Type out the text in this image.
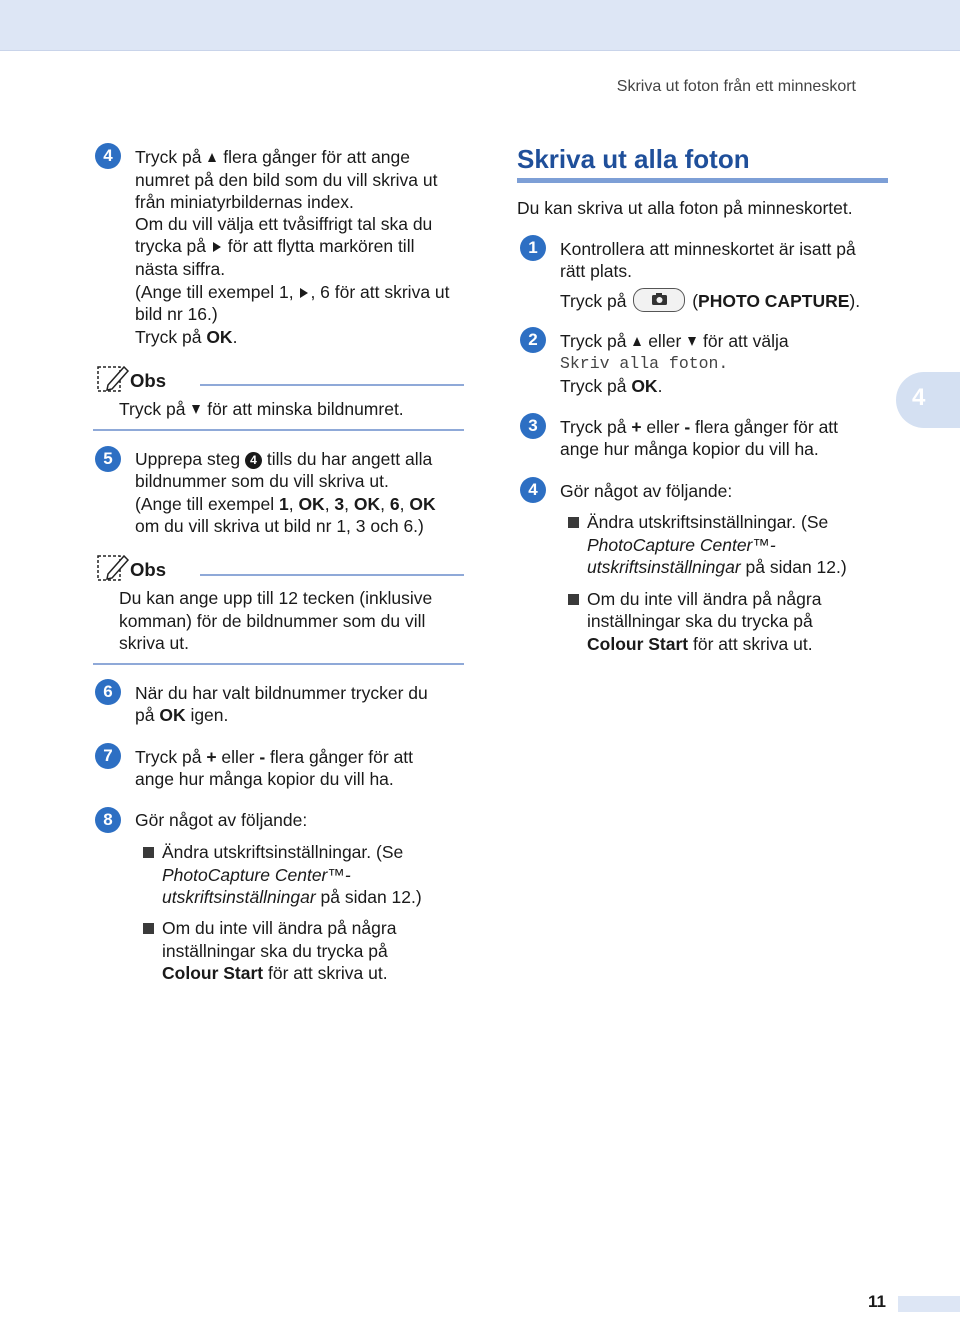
Skriva ut foton från ett minneskort
4	Tryck på flera gånger för att ange
numret på den bild som du vill skriva ut
från miniatyrbildernas index.
Om du vill välja ett tvåsiffrigt tal ska du
trycka på för att flytta markören till
nästa siffra.
(Ange till exempel 1, , 6 för att skriva ut
bild nr 16.)
Tryck på OK.
Obs
Tryck på för att minska bildnumret.
5	Upprepa steg 4 tills du har angett alla
bildnummer som du vill skriva ut.
(Ange till exempel 1, OK, 3, OK, 6, OK
om du vill skriva ut bild nr 1, 3 och 6.)
Obs
Du kan ange upp till 12 tecken (inklusive
komman) för de bildnummer som du vill
skriva ut.
6	När du har valt bildnummer trycker du
på OK igen.
7	Tryck på + eller - flera gånger för att
ange hur många kopior du vill ha.
8	Gör något av följande:
Ändra utskriftsinställningar. (Se
PhotoCapture Center™-
utskriftsinställningar på sidan 12.)
Om du inte vill ändra på några
inställningar ska du trycka på
Colour Start för att skriva ut.
Skriva ut alla foton
Du kan skriva ut alla foton på minneskortet.
1	Kontrollera att minneskortet är isatt på
rätt plats.
Tryck på	(PHOTO CAPTURE).
2	Tryck på eller för att välja
Skriv alla foton.
Tryck på OK.
3	Tryck på + eller - flera gånger för att
ange hur många kopior du vill ha.
4	Gör något av följande:
Ändra utskriftsinställningar. (Se
PhotoCapture Center™-
utskriftsinställningar på sidan 12.)
Om du inte vill ändra på några
inställningar ska du trycka på
Colour Start för att skriva ut.
4
11
